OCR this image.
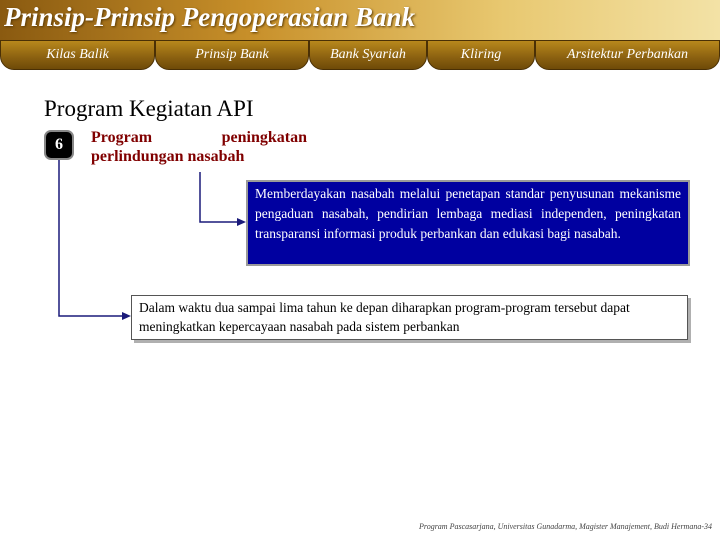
Prinsip-Prinsip Pengoperasian Bank
Kilas Balik	Prinsip Bank	Bank Syariah	Kliring	Arsitektur Perbankan
Program Kegiatan API
6	Program	peningkatan
perlindungan nasabah
Memberdayakan nasabah melalui penetapan standar penyusunan mekanisme pengaduan nasabah, pendirian lembaga mediasi independen, peningkatan transparansi informasi produk perbankan dan edukasi bagi nasabah.
Dalam waktu dua sampai lima tahun ke depan diharapkan program-program tersebut dapat meningkatkan kepercayaan nasabah pada sistem perbankan
Program Pascasarjana, Universitas Gunadarma, Magister Manajement, Budi Hermana-34
